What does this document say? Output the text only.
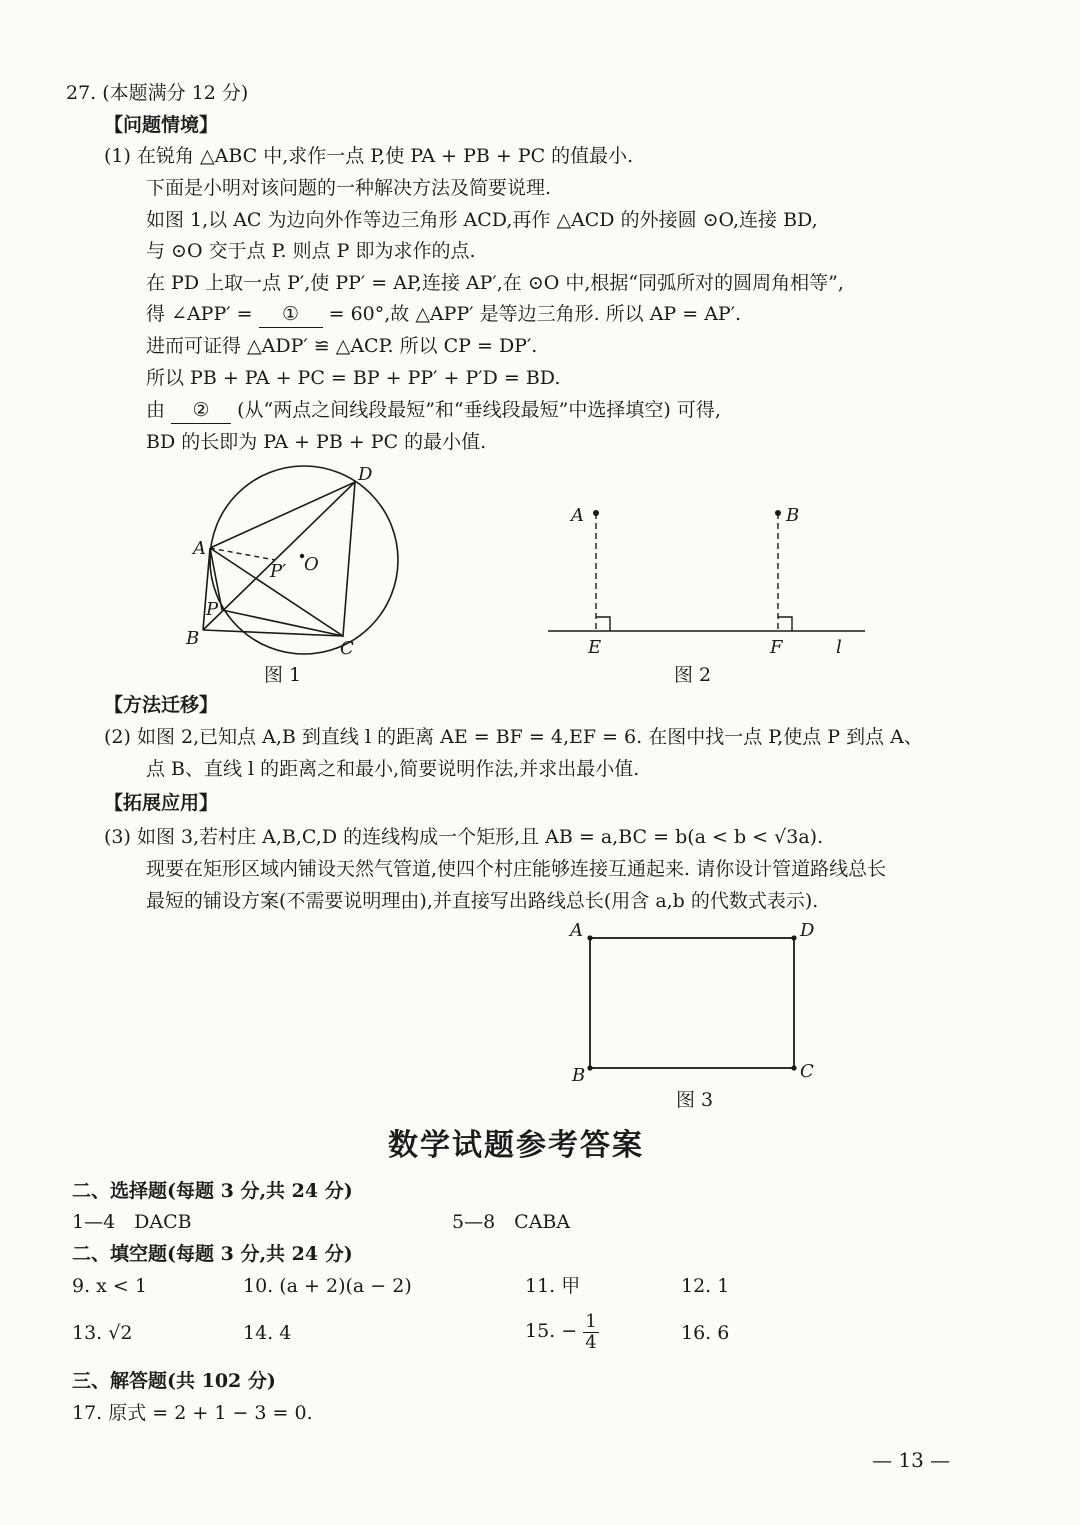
27. (本题满分 12 分)
【问题情境】
(1) 在锐角 △ABC 中,求作一点 P,使 PA + PB + PC 的值最小.
下面是小明对该问题的一种解决方法及简要说理.
如图 1,以 AC 为边向外作等边三角形 ACD,再作 △ACD 的外接圆 ⊙O,连接 BD,
与 ⊙O 交于点 P. 则点 P 即为求作的点.
在 PD 上取一点 P′,使 PP′ = AP,连接 AP′,在 ⊙O 中,根据“同弧所对的圆周角相等”,
得 ∠APP′ = ① = 60°,故 △APP′ 是等边三角形. 所以 AP = AP′.
进而可证得 △ADP′ ≌ △ACP. 所以 CP = DP′.
所以 PB + PA + PC = BP + PP′ + P′D = BD.
由 ② (从“两点之间线段最短”和“垂线段最短”中选择填空) 可得,
BD 的长即为 PA + PB + PC 的最小值.
A
B	C
D
P
P′ O
图 1
A	B
E	F	l
图 2
【方法迁移】
(2) 如图 2,已知点 A,B 到直线 l 的距离 AE = BF = 4,EF = 6. 在图中找一点 P,使点 P 到点 A、
点 B、直线 l 的距离之和最小,简要说明作法,并求出最小值.
【拓展应用】
(3) 如图 3,若村庄 A,B,C,D 的连线构成一个矩形,且 AB = a,BC = b(a < b < √3a).
现要在矩形区域内铺设天然气管道,使四个村庄能够连接互通起来. 请你设计管道路线总长
最短的铺设方案(不需要说明理由),并直接写出路线总长(用含 a,b 的代数式表示).
A	D
B	C
图 3
数学试题参考答案
二、选择题(每题 3 分,共 24 分)
1—4　DACB	5—8　CABA
二、填空题(每题 3 分,共 24 分)
9. x < 1	10. (a + 2)(a − 2)	11. 甲	12. 1
13. √2	14. 4	15. − $\frac{1}{4}$	16. 6
三、解答题(共 102 分)
17. 原式 = 2 + 1 − 3 = 0.
— 13 —
